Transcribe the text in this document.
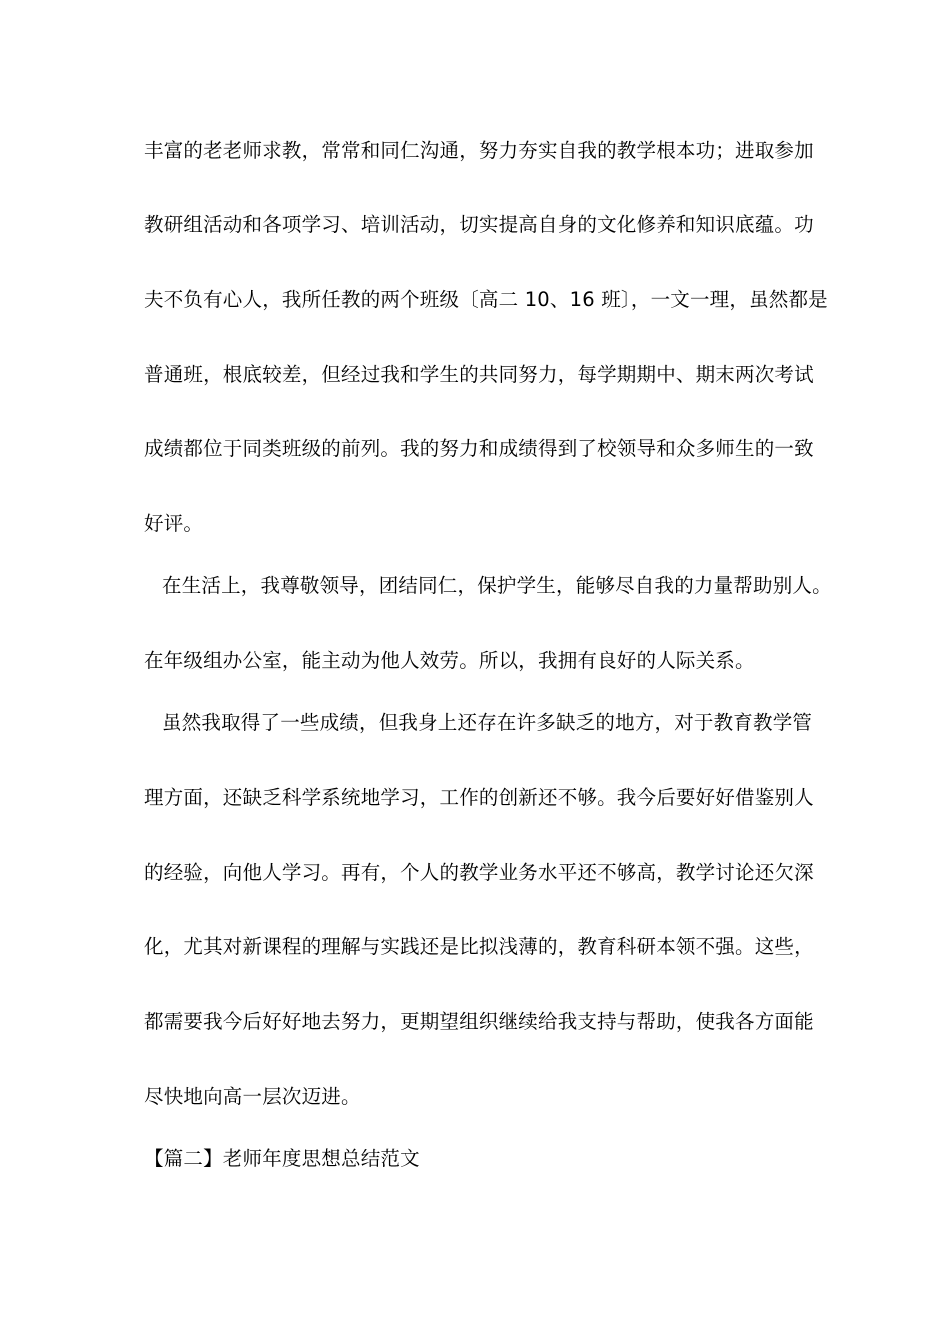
丰富的老老师求教，常常和同仁沟通，努力夯实自我的教学根本功；进取参加
教研组活动和各项学习、培训活动，切实提高自身的文化修养和知识底蕴。功
夫不负有心人，我所任教的两个班级〔高二 10、16 班〕，一文一理，虽然都是
普通班，根底较差，但经过我和学生的共同努力，每学期期中、期末两次考试
成绩都位于同类班级的前列。我的努力和成绩得到了校领导和众多师生的一致
好评。
在生活上，我尊敬领导，团结同仁，保护学生，能够尽自我的力量帮助别人。
在年级组办公室，能主动为他人效劳。所以，我拥有良好的人际关系。
虽然我取得了一些成绩，但我身上还存在许多缺乏的地方，对于教育教学管
理方面，还缺乏科学系统地学习，工作的创新还不够。我今后要好好借鉴别人
的经验，向他人学习。再有，个人的教学业务水平还不够高，教学讨论还欠深
化，尤其对新课程的理解与实践还是比拟浅薄的，教育科研本领不强。这些，
都需要我今后好好地去努力，更期望组织继续给我支持与帮助，使我各方面能
尽快地向高一层次迈进。
【篇二】老师年度思想总结范文
